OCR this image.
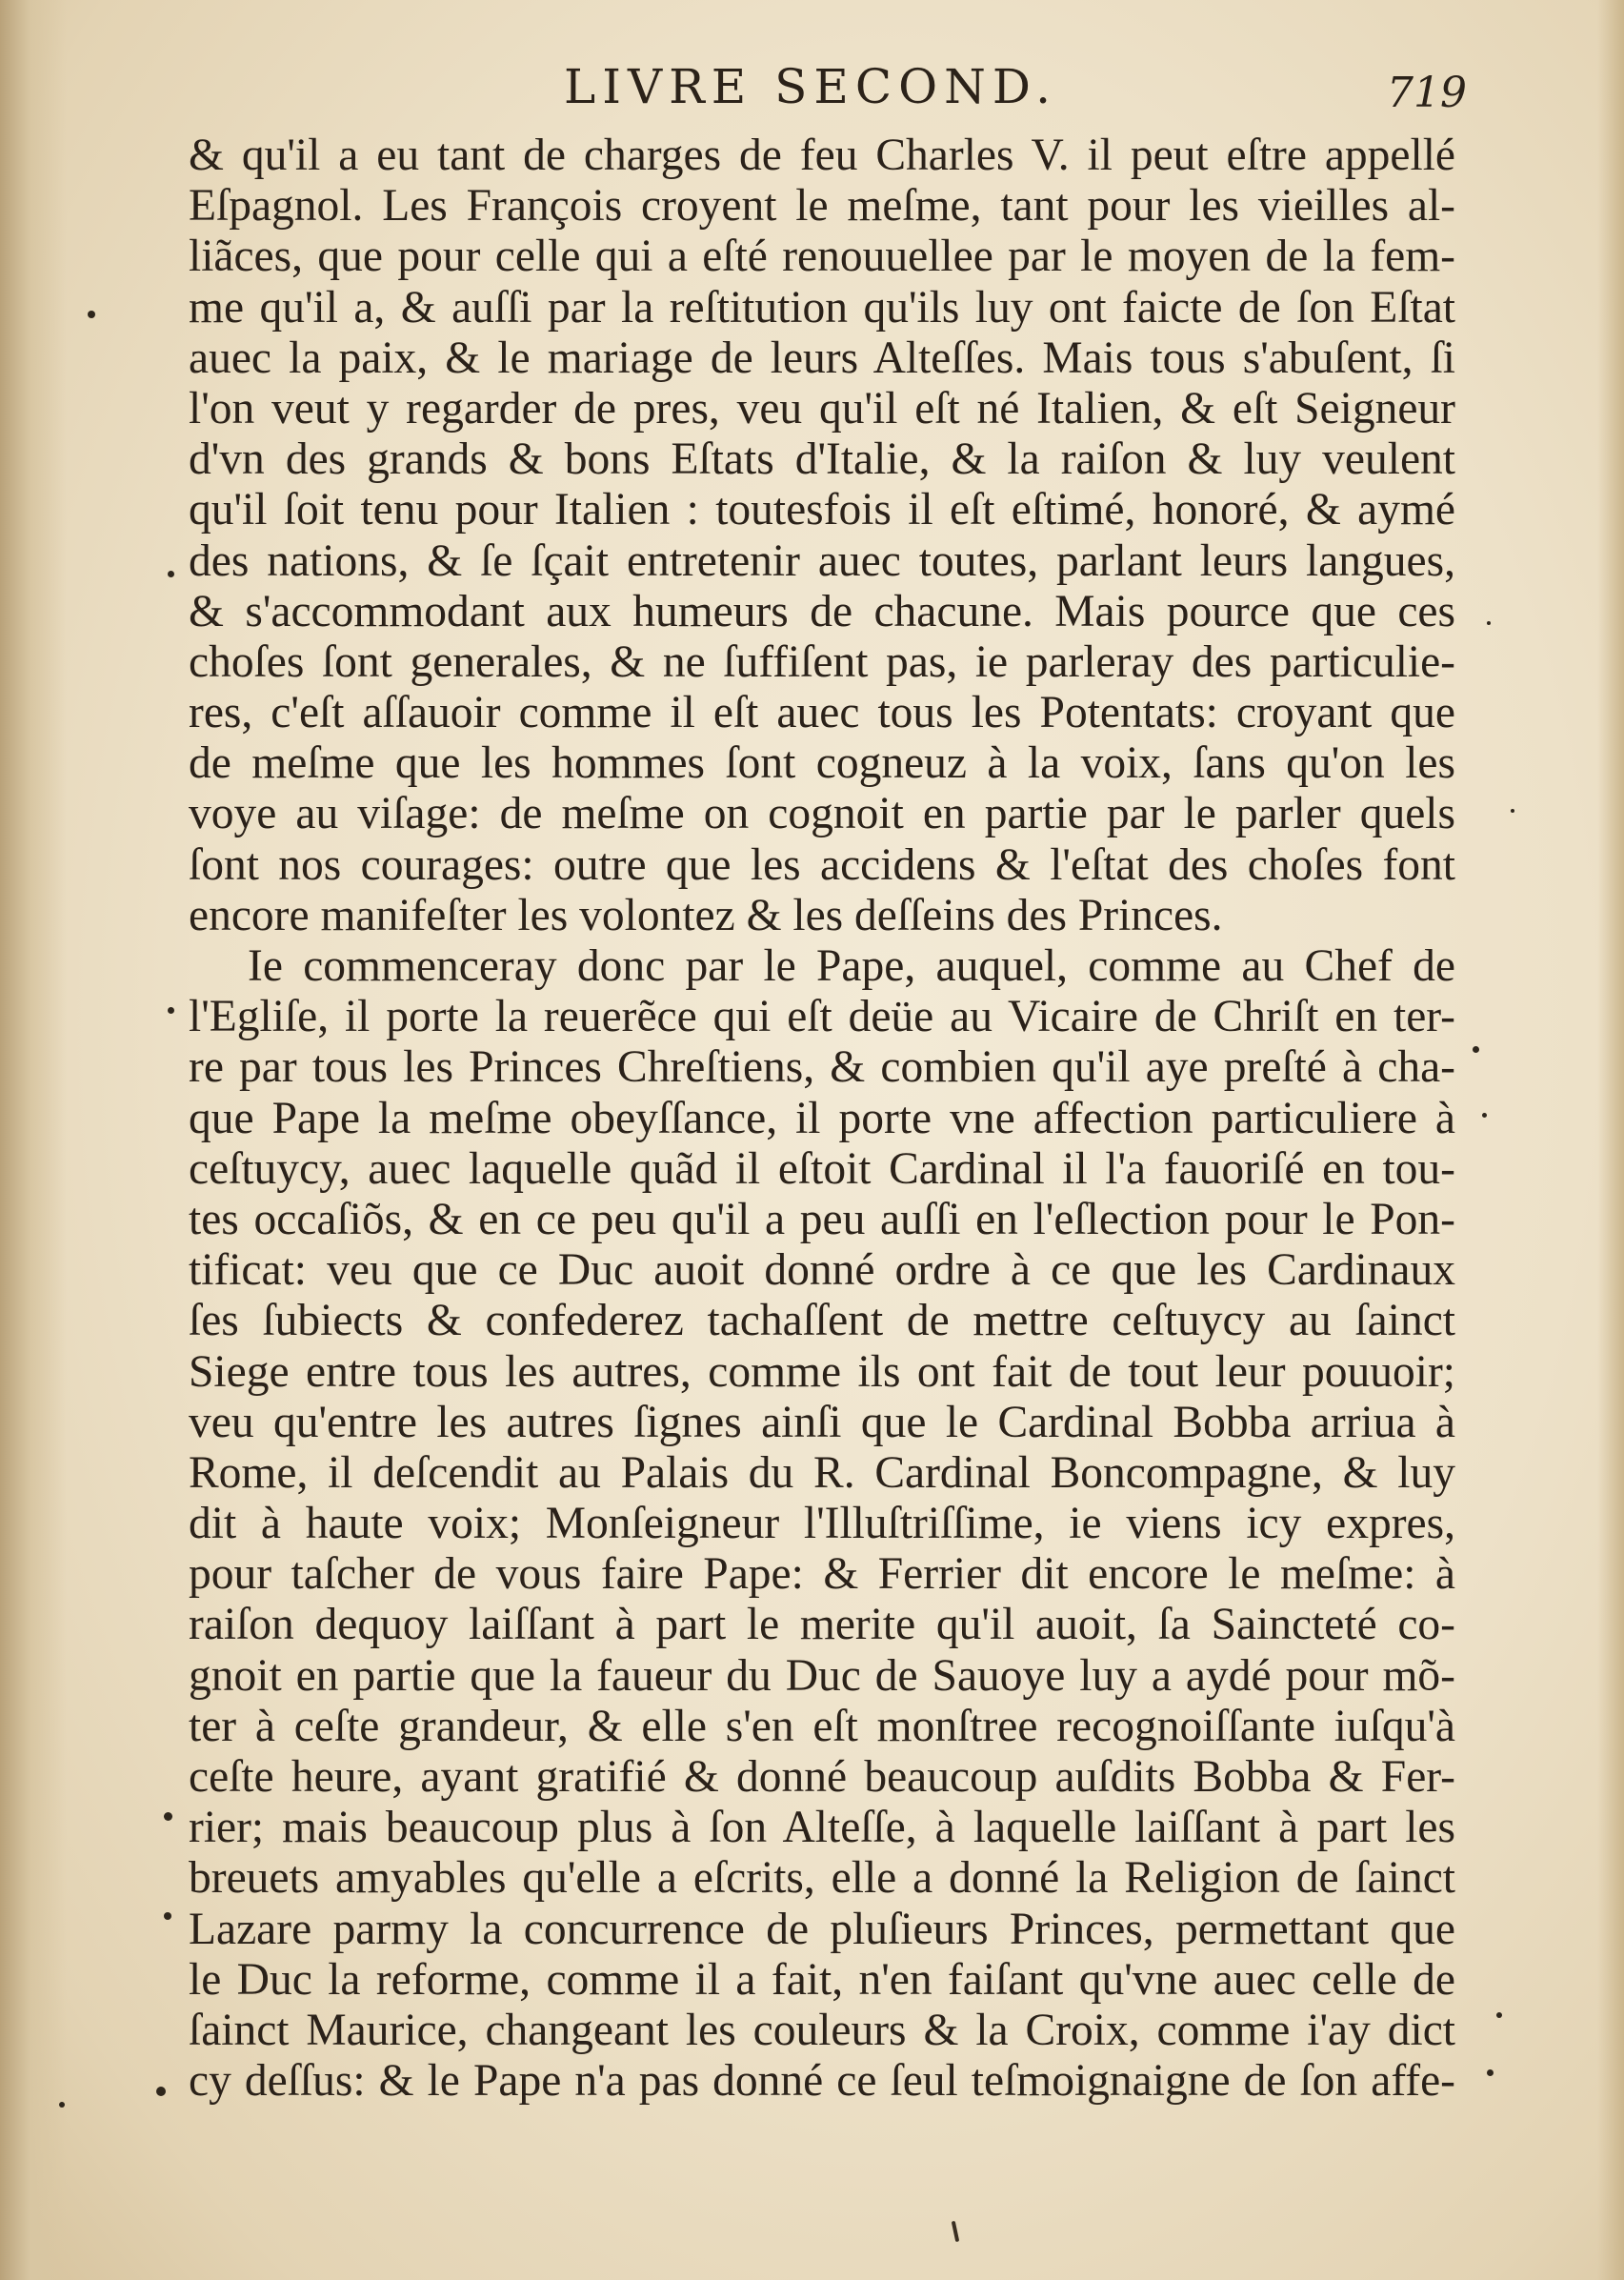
LIVRE SECOND.	719
& qu'il a eu tant de charges de feu Charles V. il peut eſtre appellé
Eſpagnol. Les François croyent le meſme, tant pour les vieilles al-
liãces, que pour celle qui a eſté renouuellee par le moyen de la fem-
me qu'il a, & auſſi par la reſtitution qu'ils luy ont faicte de ſon Eſtat
auec la paix, & le mariage de leurs Alteſſes. Mais tous s'abuſent, ſi
l'on veut y regarder de pres, veu qu'il eſt né Italien, & eſt Seigneur
d'vn des grands & bons Eſtats d'Italie, & la raiſon & luy veulent
qu'il ſoit tenu pour Italien : toutesfois il eſt eſtimé, honoré, & aymé
des nations, & ſe ſçait entretenir auec toutes, parlant leurs langues,
& s'accommodant aux humeurs de chacune. Mais pource que ces
choſes ſont generales, & ne ſuffiſent pas, ie parleray des particulie-
res, c'eſt aſſauoir comme il eſt auec tous les Potentats: croyant que
de meſme que les hommes ſont cogneuz à la voix, ſans qu'on les
voye au viſage: de meſme on cognoit en partie par le parler quels
ſont nos courages: outre que les accidens & l'eſtat des choſes font
encore manifeſter les volontez & les deſſeins des Princes.
Ie commenceray donc par le Pape, auquel, comme au Chef de
l'Egliſe, il porte la reuerẽce qui eſt deüe au Vicaire de Chriſt en ter-
re par tous les Princes Chreſtiens, & combien qu'il aye preſté à cha-
que Pape la meſme obeyſſance, il porte vne affection particuliere à
ceſtuycy, auec laquelle quãd il eſtoit Cardinal il l'a fauoriſé en tou-
tes occaſiõs, & en ce peu qu'il a peu auſſi en l'eſlection pour le Pon-
tificat: veu que ce Duc auoit donné ordre à ce que les Cardinaux
ſes ſubiects & confederez tachaſſent de mettre ceſtuycy au ſainct
Siege entre tous les autres, comme ils ont fait de tout leur pouuoir;
veu qu'entre les autres ſignes ainſi que le Cardinal Bobba arriua à
Rome, il deſcendit au Palais du R. Cardinal Boncompagne, & luy
dit à haute voix; Monſeigneur l'Illuſtriſſime, ie viens icy expres,
pour taſcher de vous faire Pape: & Ferrier dit encore le meſme: à
raiſon dequoy laiſſant à part le merite qu'il auoit, ſa Saincteté co-
gnoit en partie que la faueur du Duc de Sauoye luy a aydé pour mõ-
ter à ceſte grandeur, & elle s'en eſt monſtree recognoiſſante iuſqu'à
ceſte heure, ayant gratifié & donné beaucoup auſdits Bobba & Fer-
rier; mais beaucoup plus à ſon Alteſſe, à laquelle laiſſant à part les
breuets amyables qu'elle a eſcrits, elle a donné la Religion de ſainct
Lazare parmy la concurrence de pluſieurs Princes, permettant que
le Duc la reforme, comme il a fait, n'en faiſant qu'vne auec celle de
ſainct Maurice, changeant les couleurs & la Croix, comme i'ay dict
cy deſſus: & le Pape n'a pas donné ce ſeul teſmoignaigne de ſon affe-
